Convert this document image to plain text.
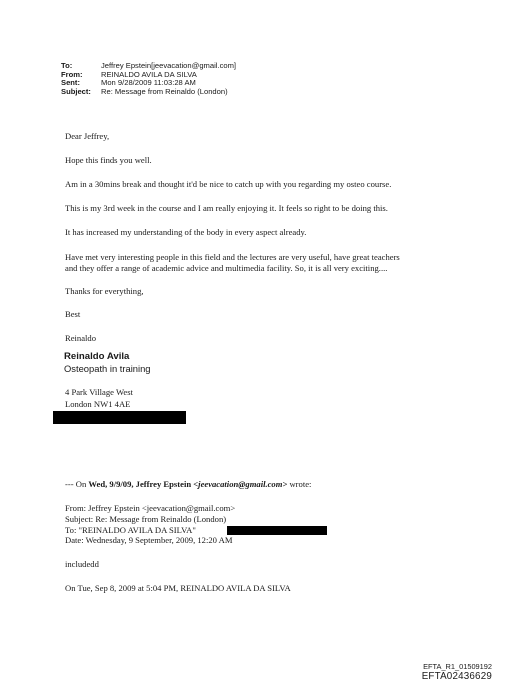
To:	Jeffrey Epstein[jeevacation@gmail.com]
From:	REINALDO AVILA DA SILVA
Sent:	Mon 9/28/2009 11:03:28 AM
Subject:	Re: Message from Reinaldo (London)

Dear Jeffrey,

Hope this finds you well.

Am in a 30mins break and thought it'd be nice to catch up with you regarding my osteo course.

This is my 3rd week in the course and I am really enjoying it. It feels so right to be doing this.

It has increased my understanding of the body in every aspect already.

Have met very interesting people in this field and the lectures are very useful, have great teachers

and they offer a range of academic advice and multimedia facility. So, it is all very exciting....

Thanks for everything,

Best

Reinaldo

Reinaldo Avila
Osteopath in training
4 Park Village West
London NW1 4AE
--- On Wed, 9/9/09, Jeffrey Epstein <jeevacation@gmail.com> wrote:
From: Jeffrey Epstein <jeevacation@gmail.com>
Subject: Re: Message from Reinaldo (London)
To: "REINALDO AVILA DA SILVA"
Date: Wednesday, 9 September, 2009, 12:20 AM
includedd
On Tue, Sep 8, 2009 at 5:04 PM, REINALDO AVILA DA SILVA
EFTA_R1_01509192
EFTA02436629
